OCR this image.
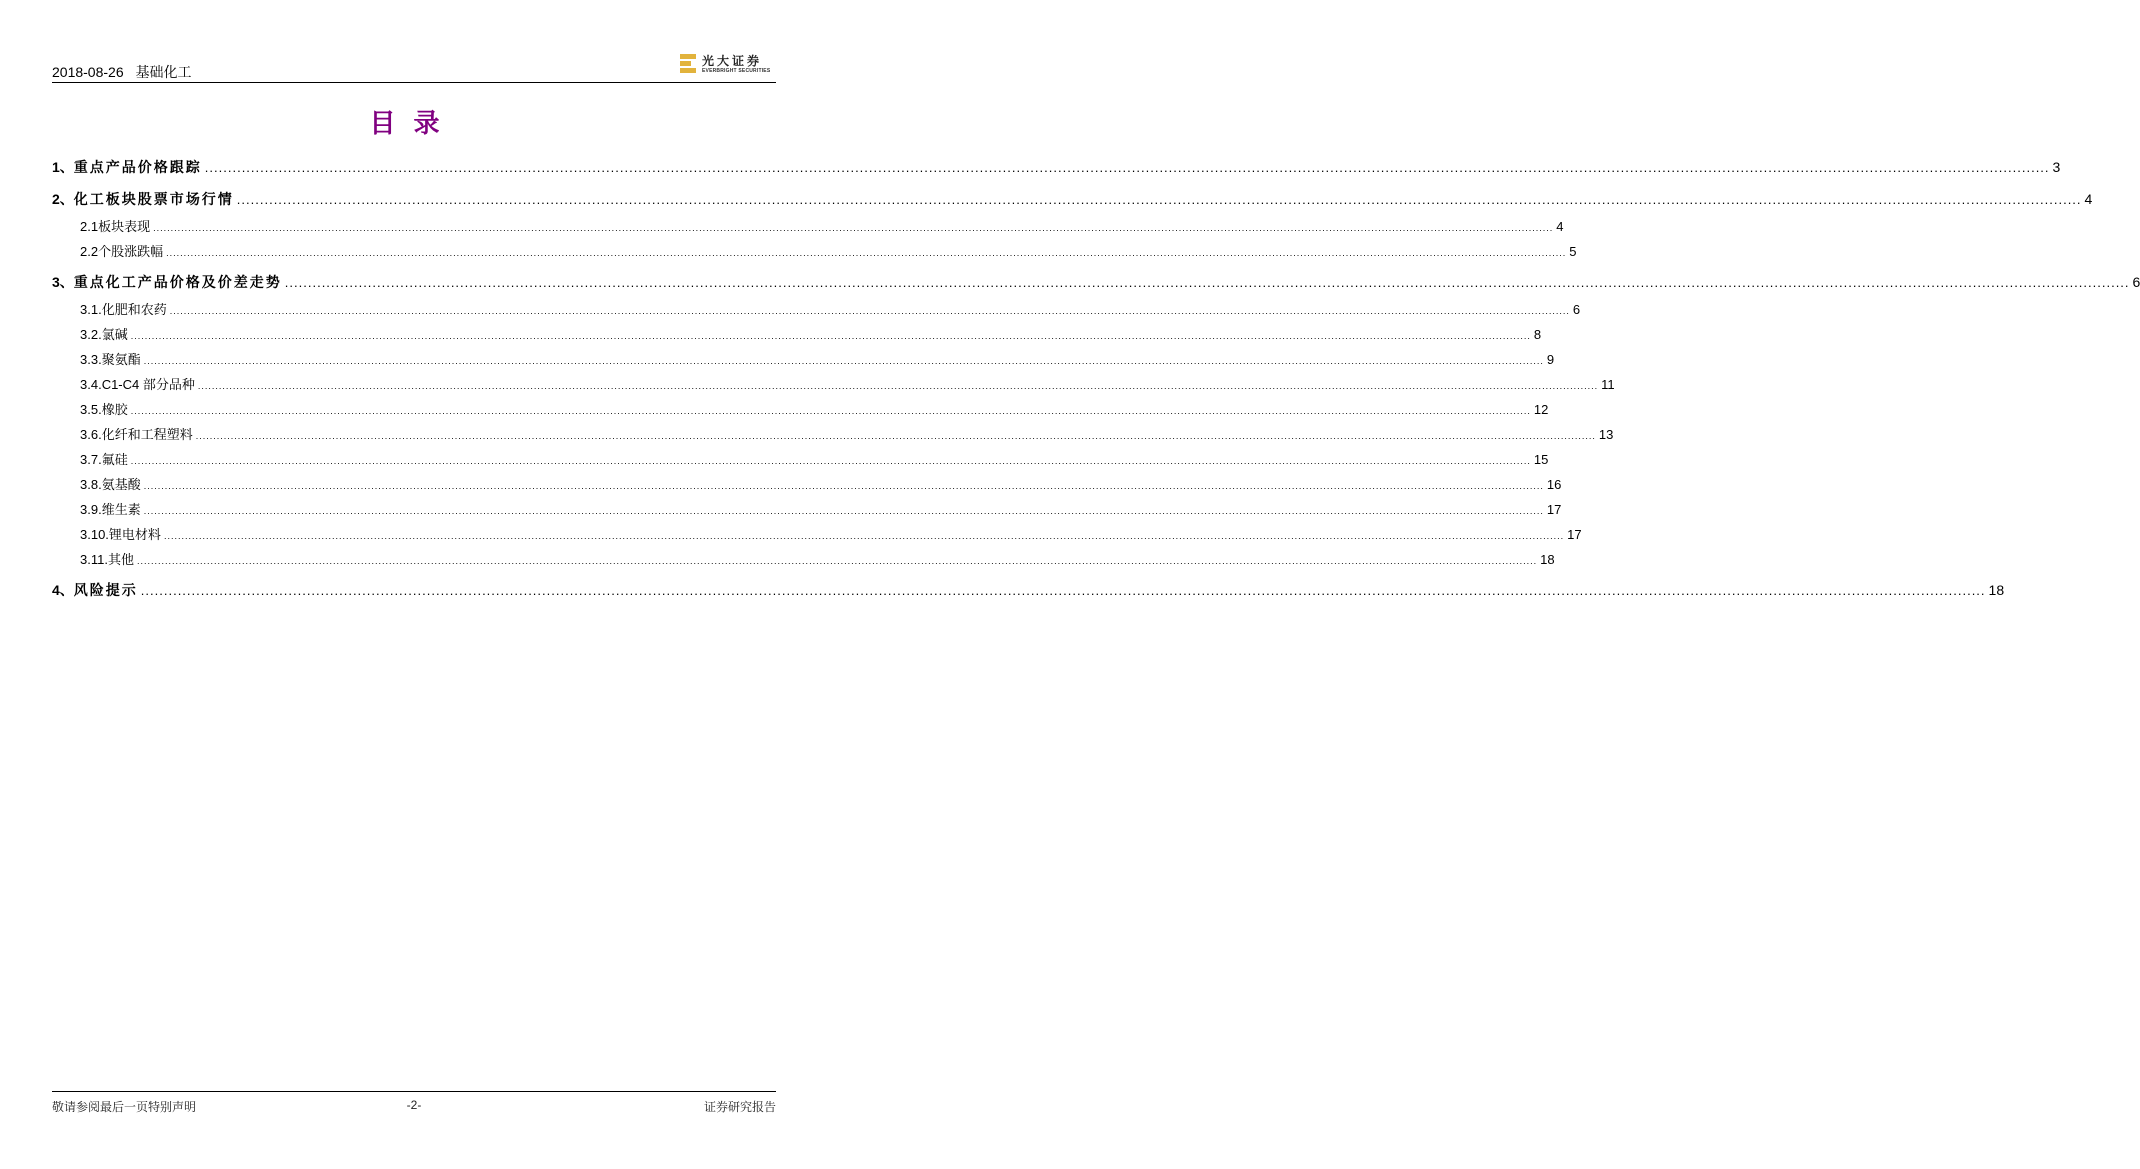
2018-08-26 基础化工
光大证券
EVERBRIGHT SECURITIES
目录
1、 重点产品价格跟踪 ................................................................................................................................................................................................................................................................................................................................................................................................................ 3
2、 化工板块股票市场行情 ................................................................................................................................................................................................................................................................................................................................................................................................................ 4
2.1 板块表现 ................................................................................................................................................................................................................................................................................................................................................................................................................ 4
2.2 个股涨跌幅 ................................................................................................................................................................................................................................................................................................................................................................................................................ 5
3、 重点化工产品价格及价差走势 ................................................................................................................................................................................................................................................................................................................................................................................................................ 6
3.1. 化肥和农药 ................................................................................................................................................................................................................................................................................................................................................................................................................ 6
3.2. 氯碱 ................................................................................................................................................................................................................................................................................................................................................................................................................ 8
3.3. 聚氨酯 ................................................................................................................................................................................................................................................................................................................................................................................................................ 9
3.4. C1-C4 部分品种 ................................................................................................................................................................................................................................................................................................................................................................................................................ 11
3.5. 橡胶 ................................................................................................................................................................................................................................................................................................................................................................................................................ 12
3.6. 化纤和工程塑料 ................................................................................................................................................................................................................................................................................................................................................................................................................ 13
3.7. 氟硅 ................................................................................................................................................................................................................................................................................................................................................................................................................ 15
3.8. 氨基酸 ................................................................................................................................................................................................................................................................................................................................................................................................................ 16
3.9. 维生素 ................................................................................................................................................................................................................................................................................................................................................................................................................ 17
3.10. 锂电材料 ................................................................................................................................................................................................................................................................................................................................................................................................................ 17
3.11. 其他 ................................................................................................................................................................................................................................................................................................................................................................................................................ 18
4、 风险提示 ................................................................................................................................................................................................................................................................................................................................................................................................................ 18
敬请参阅最后一页特别声明	-2-	证券研究报告
